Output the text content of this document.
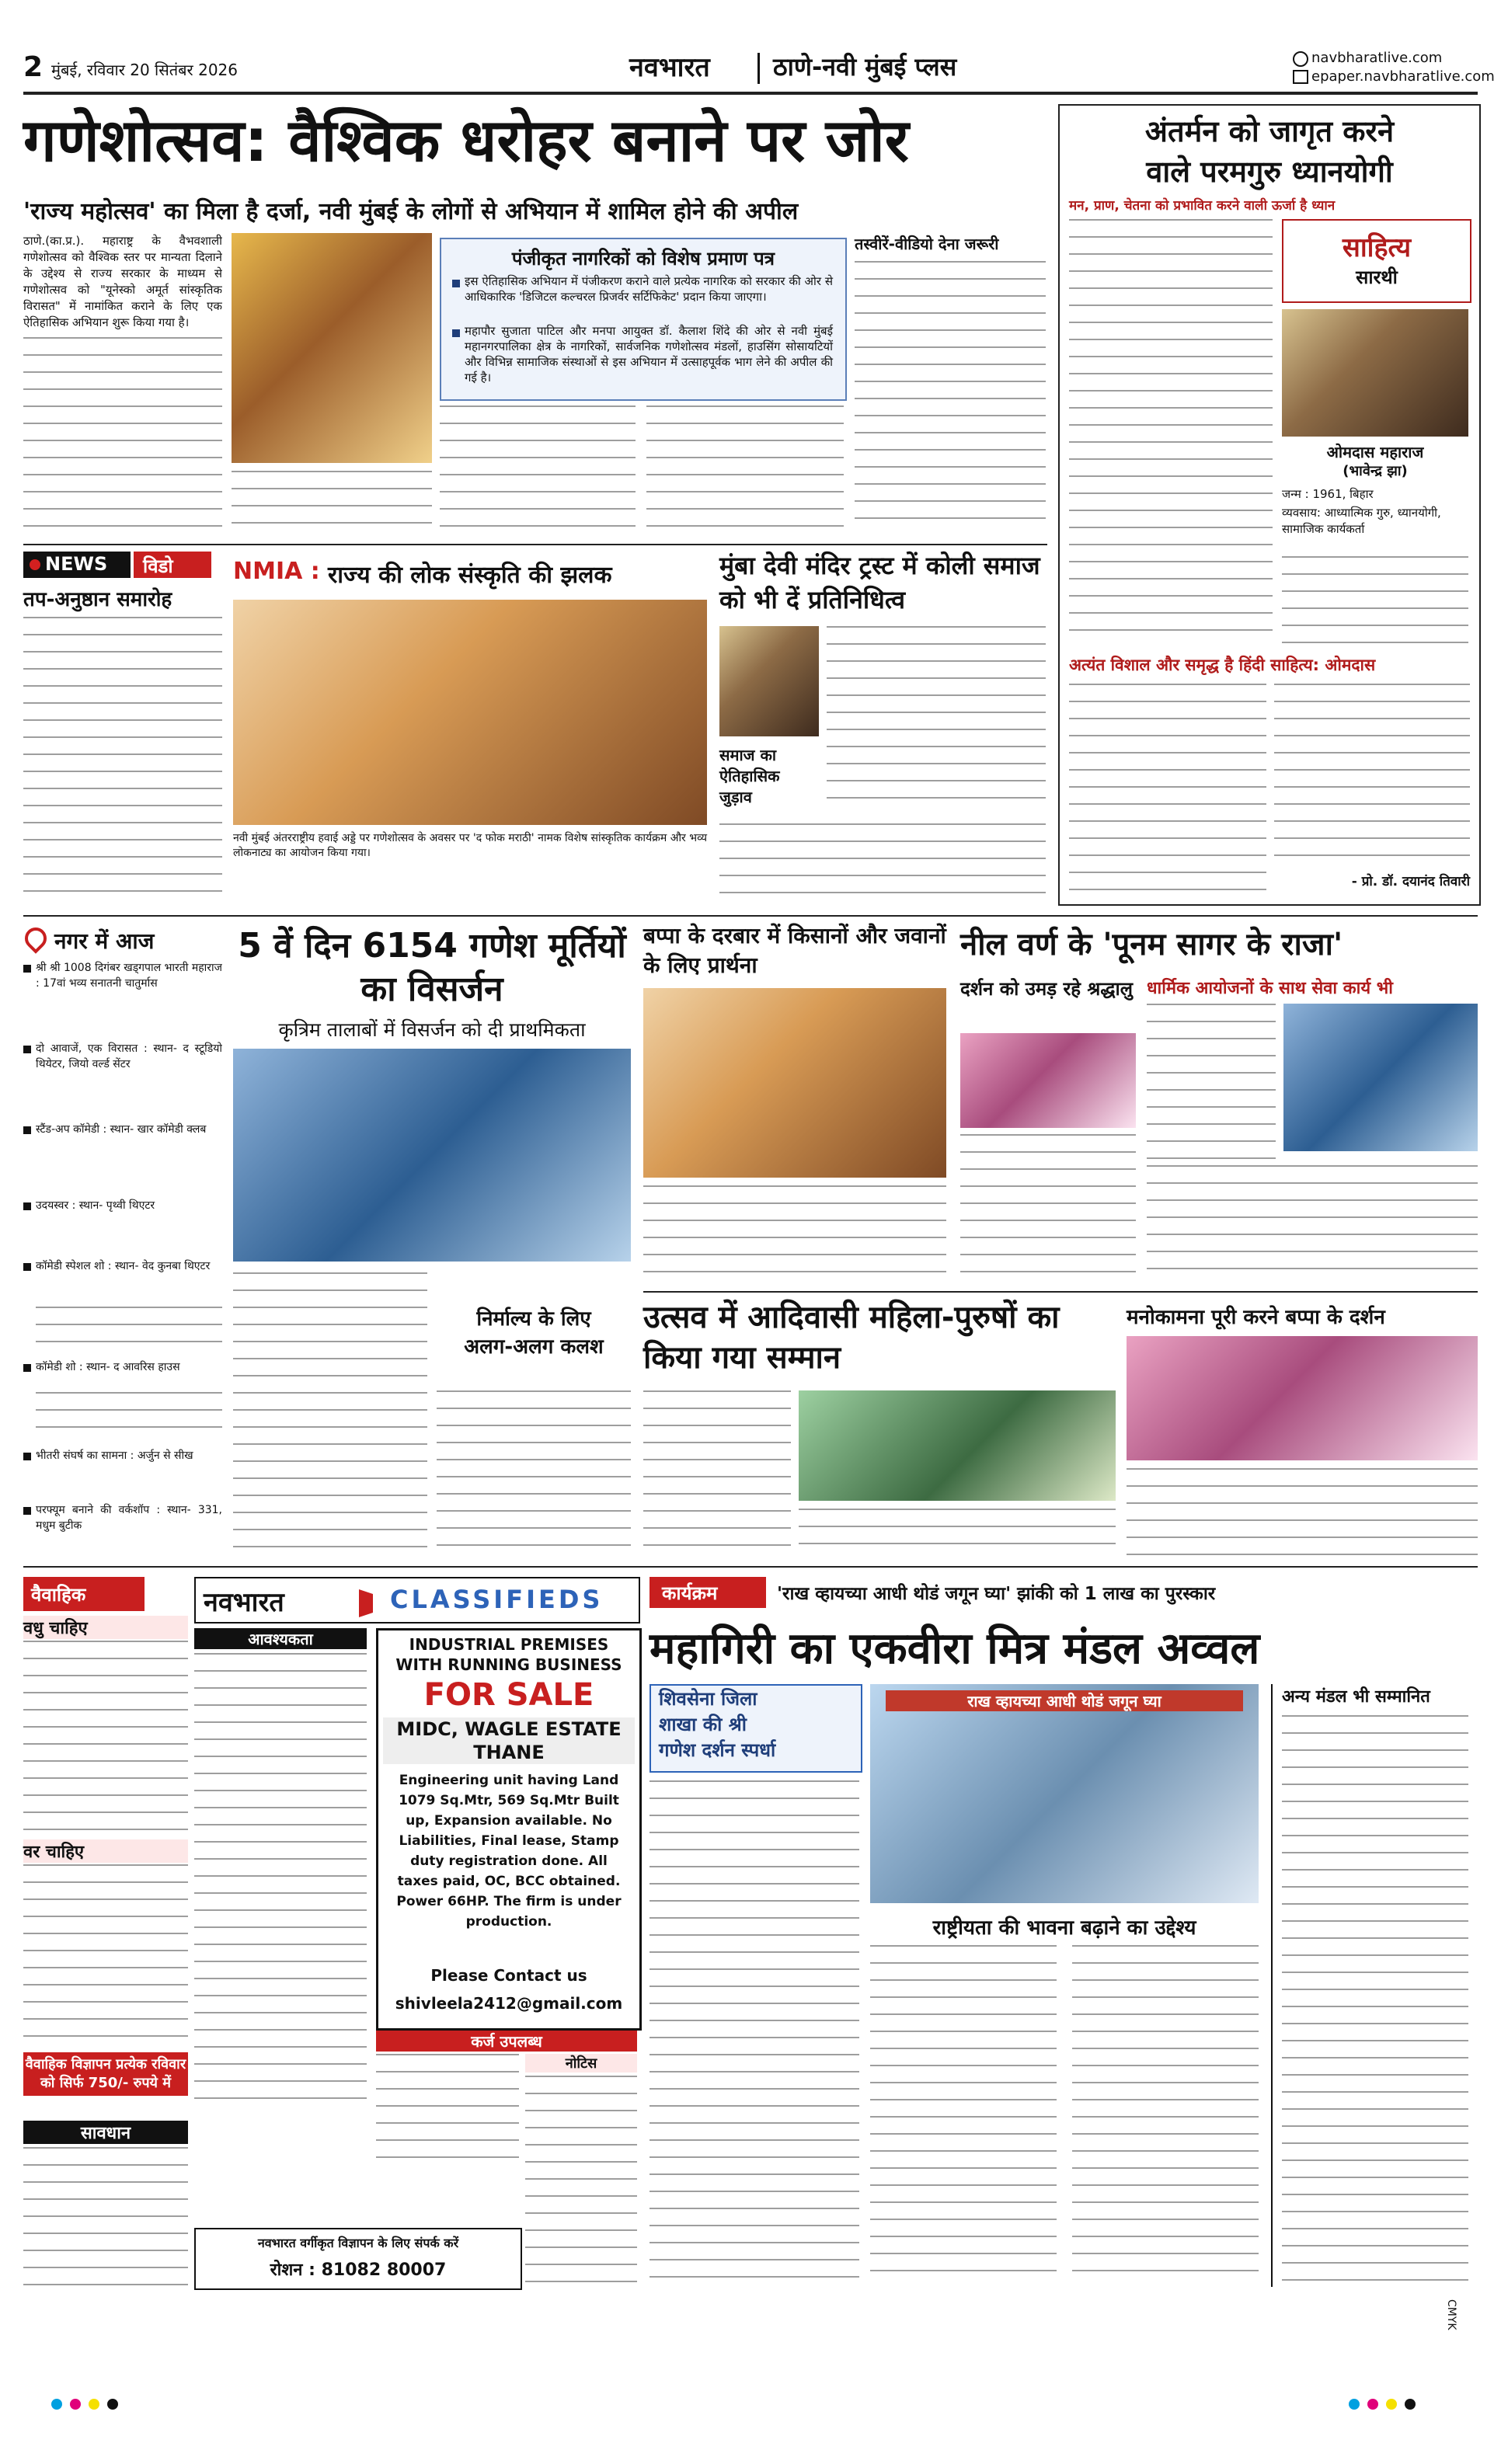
2 मुंबई, रविवार 20 सितंबर 2026	नवभारत	ठाणे-नवी मुंबई प्लस	navbharatlive.com
epaper.navbharatlive.com
गणेशोत्सव: वैश्विक धरोहर बनाने पर जोर
'राज्य महोत्सव' का मिला है दर्जा, नवी मुंबई के लोगों से अभियान में शामिल होने की अपील
ठाणे.(का.प्र.). महाराष्ट्र के वैभवशाली गणेशोत्सव को वैश्विक स्तर पर मान्यता दिलाने के उद्देश्य से राज्य सरकार के माध्यम से गणेशोत्सव को "यूनेस्को अमूर्त सांस्कृतिक विरासत" में नामांकित कराने के लिए एक ऐतिहासिक अभियान शुरू किया गया है।
पंजीकृत नागरिकों को विशेष प्रमाण पत्र
इस ऐतिहासिक अभियान में पंजीकरण कराने वाले प्रत्येक नागरिक को सरकार की ओर से आधिकारिक 'डिजिटल कल्चरल प्रिजर्वर सर्टिफिकेट' प्रदान किया जाएगा।
महापौर सुजाता पाटिल और मनपा आयुक्त डॉ. कैलाश शिंदे की ओर से नवी मुंबई महानगरपालिका क्षेत्र के नागरिकों, सार्वजनिक गणेशोत्सव मंडलों, हाउसिंग सोसायटियों और विभिन्न सामाजिक संस्थाओं से इस अभियान में उत्साहपूर्वक भाग लेने की अपील की गई है।
तस्वीरें-वीडियो देना जरूरी
अंतर्मन को जागृत करने
वाले परमगुरु ध्यानयोगी
मन, प्राण, चेतना को प्रभावित करने वाली ऊर्जा है ध्यान
साहित्य
सारथी
ओमदास महाराज
(भावेन्द्र झा)
जन्म : 1961, बिहार
व्यवसाय: आध्यात्मिक गुरु, ध्यानयोगी, सामाजिक कार्यकर्ता
अत्यंत विशाल और समृद्ध है हिंदी साहित्य: ओमदास
- प्रो. डॉ. दयानंद तिवारी
NEWS विडो
तप-अनुष्ठान समारोह
NMIA : राज्य की लोक संस्कृति की झलक
नवी मुंबई अंतरराष्ट्रीय हवाई अड्डे पर गणेशोत्सव के अवसर पर 'द फोक मराठी' नामक विशेष सांस्कृतिक कार्यक्रम और भव्य लोकनाट्य का आयोजन किया गया।
मुंबा देवी मंदिर ट्रस्ट में कोली समाज को भी दें प्रतिनिधित्व
समाज का
ऐतिहासिक
जुड़ाव
नगर में आज
श्री श्री 1008 दिगंबर खड्गपाल भारती महाराज : 17वां भव्य सनातनी चातुर्मास
दो आवाजें, एक विरासत : स्थान- द स्टूडियो थियेटर, जियो वर्ल्ड सेंटर
स्टैंड-अप कॉमेडी : स्थान- खार कॉमेडी क्लब
उदयस्वर : स्थान- पृथ्वी थिएटर
कॉमेडी स्पेशल शो : स्थान- वेद कुनबा थिएटर
कॉमेडी शो : स्थान- द आवरिस हाउस
भीतरी संघर्ष का सामना : अर्जुन से सीख
परफ्यूम बनाने की वर्कशॉप : स्थान- 331, मधुम बुटीक
5 वें दिन 6154 गणेश मूर्तियों का विसर्जन
कृत्रिम तालाबों में विसर्जन को दी प्राथमिकता
निर्माल्य के लिए
अलग-अलग कलश
बप्पा के दरबार में किसानों और जवानों के लिए प्रार्थना
नील वर्ण के 'पूनम सागर के राजा'
धार्मिक आयोजनों के साथ सेवा कार्य भी
दर्शन को उमड़ रहे श्रद्धालु
उत्सव में आदिवासी महिला-पुरुषों का किया गया सम्मान
मनोकामना पूरी करने बप्पा के दर्शन
वैवाहिक
वधु चाहिए
वर चाहिए
वैवाहिक विज्ञापन प्रत्येक रविवार को सिर्फ 750/- रुपये में
सावधान
नवभारत	CLASSIFIEDS
आवश्यकता	INDUSTRIAL PREMISES
WITH RUNNING BUSINESS
FOR SALE
MIDC, WAGLE ESTATE THANE
Engineering unit having Land 1079 Sq.Mtr, 569 Sq.Mtr Built up, Expansion available. No Liabilities, Final lease, Stamp duty registration done. All taxes paid, OC, BCC obtained. Power 66HP. The firm is under production.
Please Contact us
shivleela2412@gmail.com
कर्ज उपलब्ध
नोटिस
नवभारत वर्गीकृत विज्ञापन के लिए संपर्क करें
रोशन : 81082 80007
कार्यक्रम	'राख व्हायच्या आधी थोडं जगून घ्या' झांकी को 1 लाख का पुरस्कार
महागिरी का एकवीरा मित्र मंडल अव्वल
शिवसेना जिला
शाखा की श्री
गणेश दर्शन स्पर्धा
राख व्हायच्या आधी थोडं जगून घ्या
राष्ट्रीयता की भावना बढ़ाने का उद्देश्य
अन्य मंडल भी सम्मानित
CMYK
